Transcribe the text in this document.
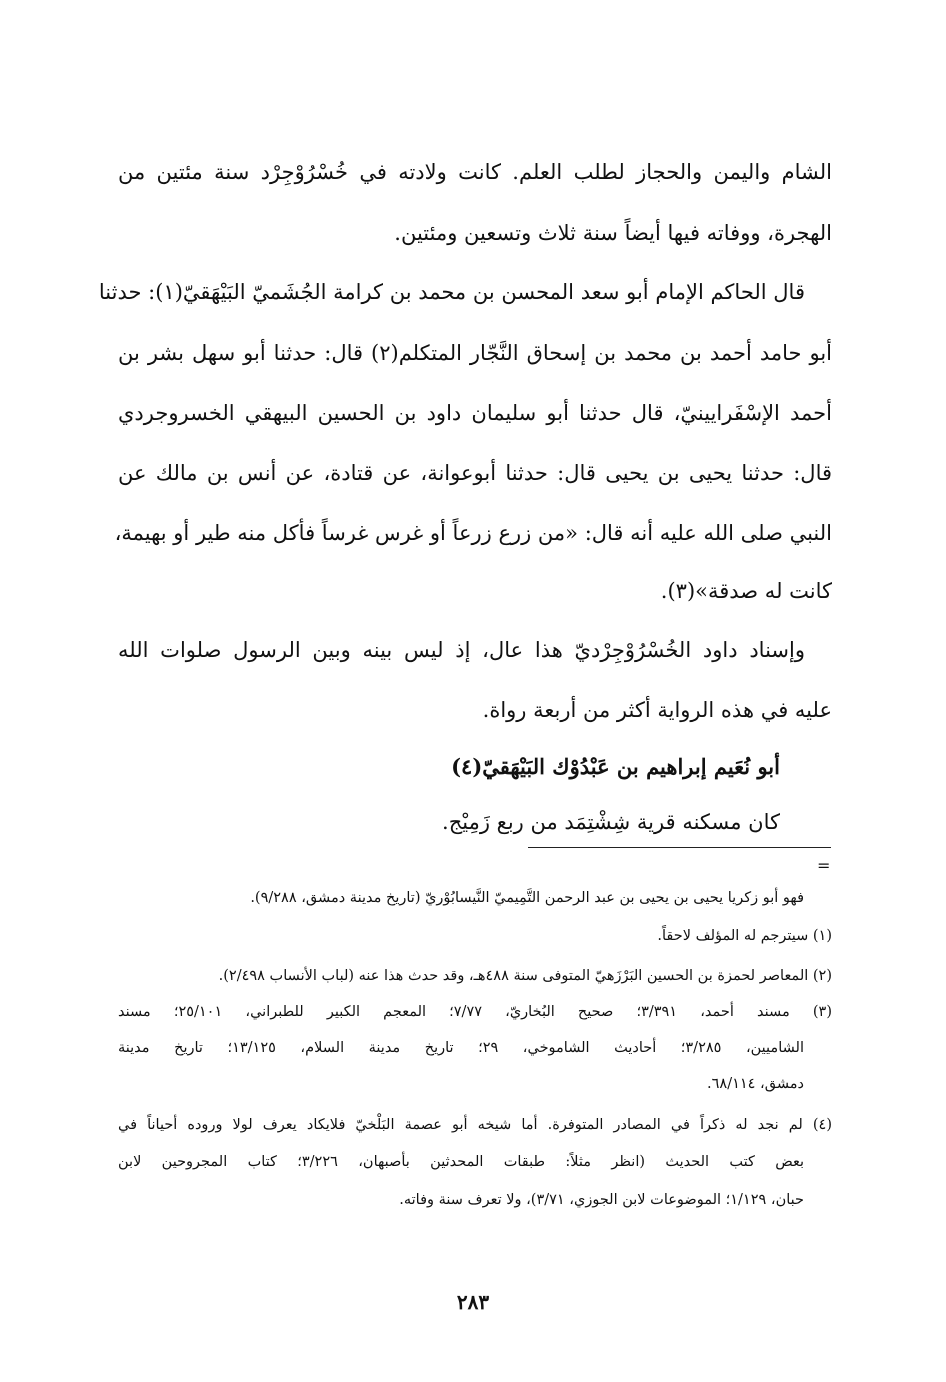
الشام واليمن والحجاز لطلب العلم. كانت ولادته في خُسْرُوْجِرْد سنة مئتين من
الهجرة، ووفاته فيها أيضاً سنة ثلاث وتسعين ومئتين.
قال الحاكم الإمام أبو سعد المحسن بن محمد بن كرامة الجُشَميّ البَيْهَقيّ(١): حدثنا
أبو حامد أحمد بن محمد بن إسحاق النَّجّار المتكلم(٢) قال: حدثنا أبو سهل بشر بن
أحمد الإسْفَرايينيّ، قال حدثنا أبو سليمان داود بن الحسين البيهقي الخسروجردي
قال: حدثنا يحيى بن يحيى قال: حدثنا أبوعوانة، عن قتادة، عن أنس بن مالك عن
النبي صلى الله عليه أنه قال: «من زرع زرعاً أو غرس غرساً فأكل منه طير أو بهيمة،
كانت له صدقة»(٣).
وإسناد داود الخُسْرُوْجِرْديّ هذا عال، إذ ليس بينه وبين الرسول صلوات الله
عليه في هذه الرواية أكثر من أربعة رواة.
أبو نُعَيم إبراهيم بن عَبْدُوْك البَيْهَقيّ(٤)
كان مسكنه قرية شِشْتِمَد من ربع زَمِيْج.
=
فهو أبو زكريا يحيى بن يحيى بن عبد الرحمن التَّمِيميّ النَّيسابُوْريّ (تاريخ مدينة دمشق، ٩/٢٨٨).
(١) سيترجم له المؤلف لاحقاً.
(٢) المعاصر لحمزة بن الحسين البَرْزَهيّ المتوفى سنة ٤٨٨هـ، وقد حدث هذا عنه (لباب الأنساب ٢/٤٩٨).
(٣) مسند أحمد، ٣/٣٩١؛ صحيح البُخاريّ، ٧/٧٧؛ المعجم الكبير للطبراني، ٢٥/١٠١؛ مسند
الشاميين، ٣/٢٨٥؛ أحاديث الشاموخي، ٢٩؛ تاريخ مدينة السلام، ١٣/١٢٥؛ تاريخ مدينة
دمشق، ٦٨/١١٤.
(٤) لم نجد له ذكراً في المصادر المتوفرة. أما شيخه أبو عصمة البَلْخيّ فلايكاد يعرف لولا وروده أحياناً في
بعض كتب الحديث (انظر مثلاً: طبقات المحدثين بأصبهان، ٣/٢٢٦؛ كتاب المجروحين لابن
حبان، ١/١٢٩؛ الموضوعات لابن الجوزي، ٣/٧١)، ولا تعرف سنة وفاته.
٢٨٣
